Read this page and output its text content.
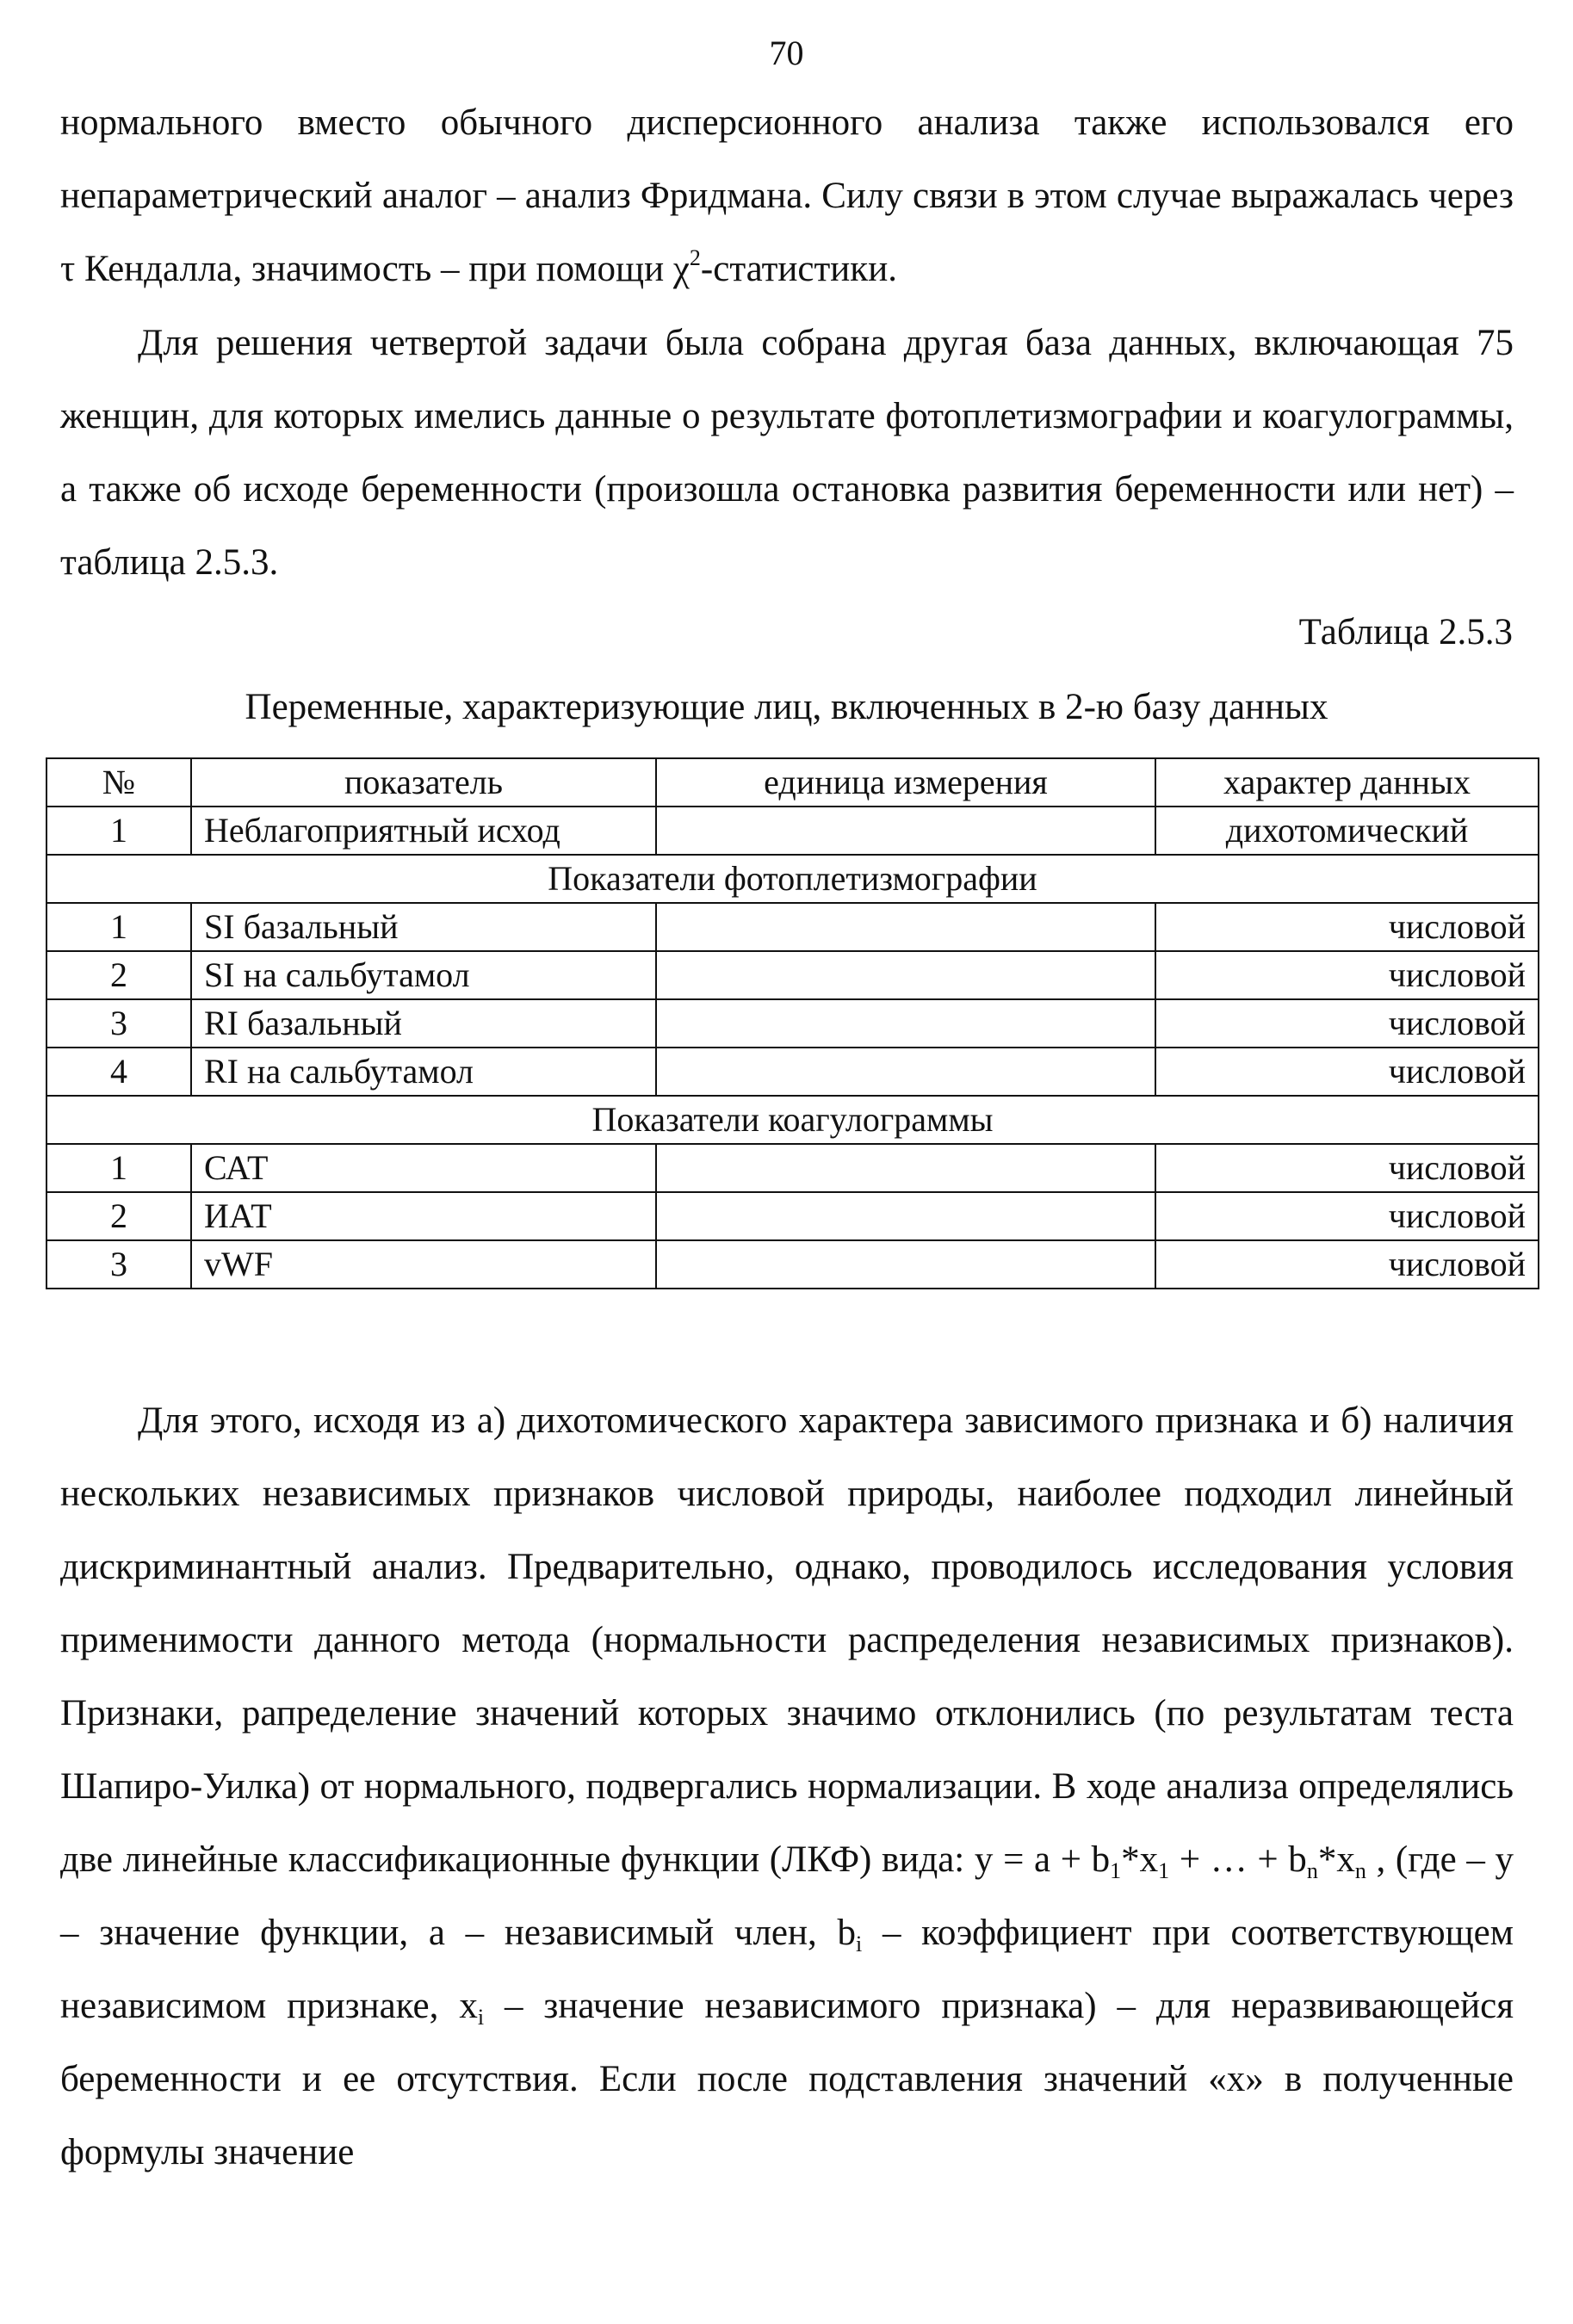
70

нормального вместо обычного дисперсионного анализа также использовался его непараметрический аналог – анализ Фридмана. Силу связи в этом случае выражалась через τ Кендалла, значимость – при помощи $\chi^2$-статистики.

Для решения четвертой задачи была собрана другая база данных, включающая 75 женщин, для которых имелись данные о результате фотоплетизмографии и коагулограммы, а также об исходе беременности (произошла остановка развития беременности или нет) – таблица 2.5.3.

Таблица 2.5.3
Переменные, характеризующие лиц, включенных в 2-ю базу данных
№	показатель	единица измерения	характер данных
1	Неблагоприятный исход		дихотомический
Показатели фотоплетизмографии			
1	SI базальный		числовой
2	SI на сальбутамол		числовой
3	RI базальный		числовой
4	RI на сальбутамол		числовой
Показатели коагулограммы			
1	САТ		числовой
2	ИАТ		числовой
3	vWF		числовой

Для этого, исходя из а) дихотомического характера зависимого признака и б) наличия нескольких независимых признаков числовой природы, наиболее подходил линейный дискриминантный анализ. Предварительно, однако, проводилось исследования условия применимости данного метода (нормальности распределения независимых признаков). Признаки, рапределение значений которых значимо отклонились (по результатам теста Шапиро-Уилка) от нормального, подвергались нормализации. В ходе анализа определялись две линейные классификационные функции (ЛКФ) вида: $y = a + b_1*x_1$ + … + $b_n*x_n$ , (где – y – значение функции, a – независимый член, $b_i$ – коэффициент при соответствующем независимом признаке, $x_i$ – значение независимого признака) – для неразвивающейся беременности и ее отсутствия. Если после подставления значений «x» в полученные формулы значение
